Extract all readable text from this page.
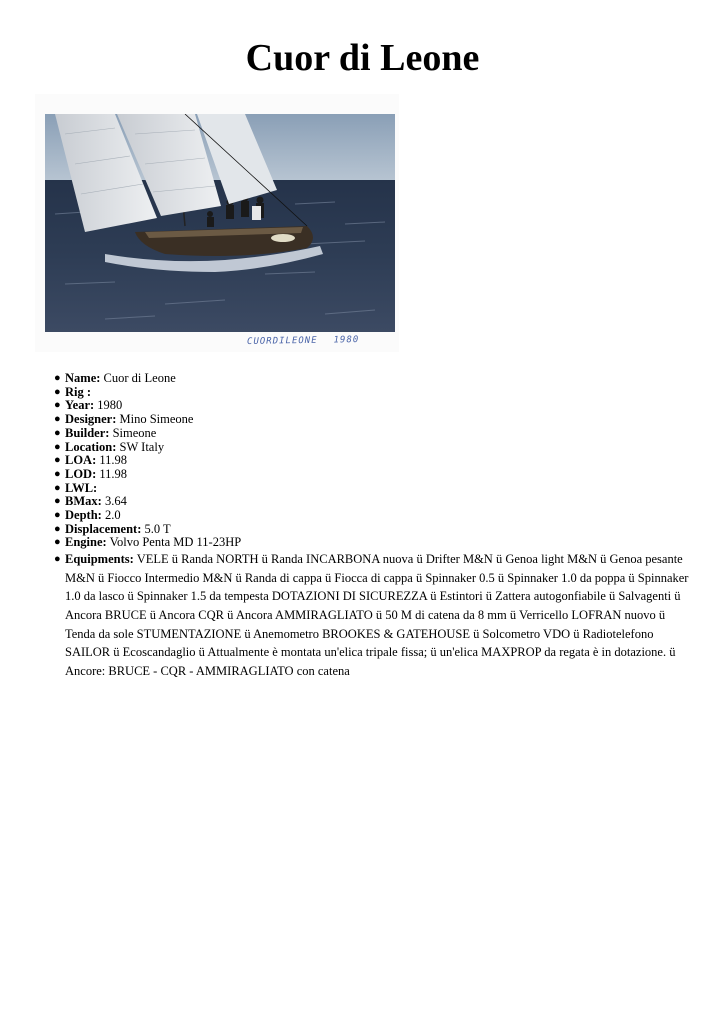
Cuor di Leone
CUORDILEONE 1980
● Name: Cuor di Leone
● Rig :
● Year: 1980
● Designer: Mino Simeone
● Builder: Simeone
● Location: SW Italy
● LOA: 11.98
● LOD: 11.98
● LWL:
● BMax: 3.64
● Depth: 2.0
● Displacement: 5.0 T
● Engine: Volvo Penta MD 11-23HP
● Equipments: VELE ü Randa NORTH ü Randa INCARBONA nuova ü Drifter M&N ü Genoa light M&N ü Genoa pesante M&N ü Fiocco Intermedio M&N ü Randa di cappa ü Fiocca di cappa ü Spinnaker 0.5 ü Spinnaker 1.0 da poppa ü Spinnaker 1.0 da lasco ü Spinnaker 1.5 da tempesta DOTAZIONI DI SICUREZZA ü Estintori ü Zattera autogonfiabile ü Salvagenti ü Ancora BRUCE ü Ancora CQR ü Ancora AMMIRAGLIATO ü 50 M di catena da 8 mm ü Verricello LOFRAN nuovo ü Tenda da sole STUMENTAZIONE ü Anemometro BROOKES & GATEHOUSE ü Solcometro VDO ü Radiotelefono SAILOR ü Ecoscandaglio ü Attualmente è montata un'elica tripale fissa; ü un'elica MAXPROP da regata è in dotazione. ü Ancore: BRUCE - CQR - AMMIRAGLIATO con catena
